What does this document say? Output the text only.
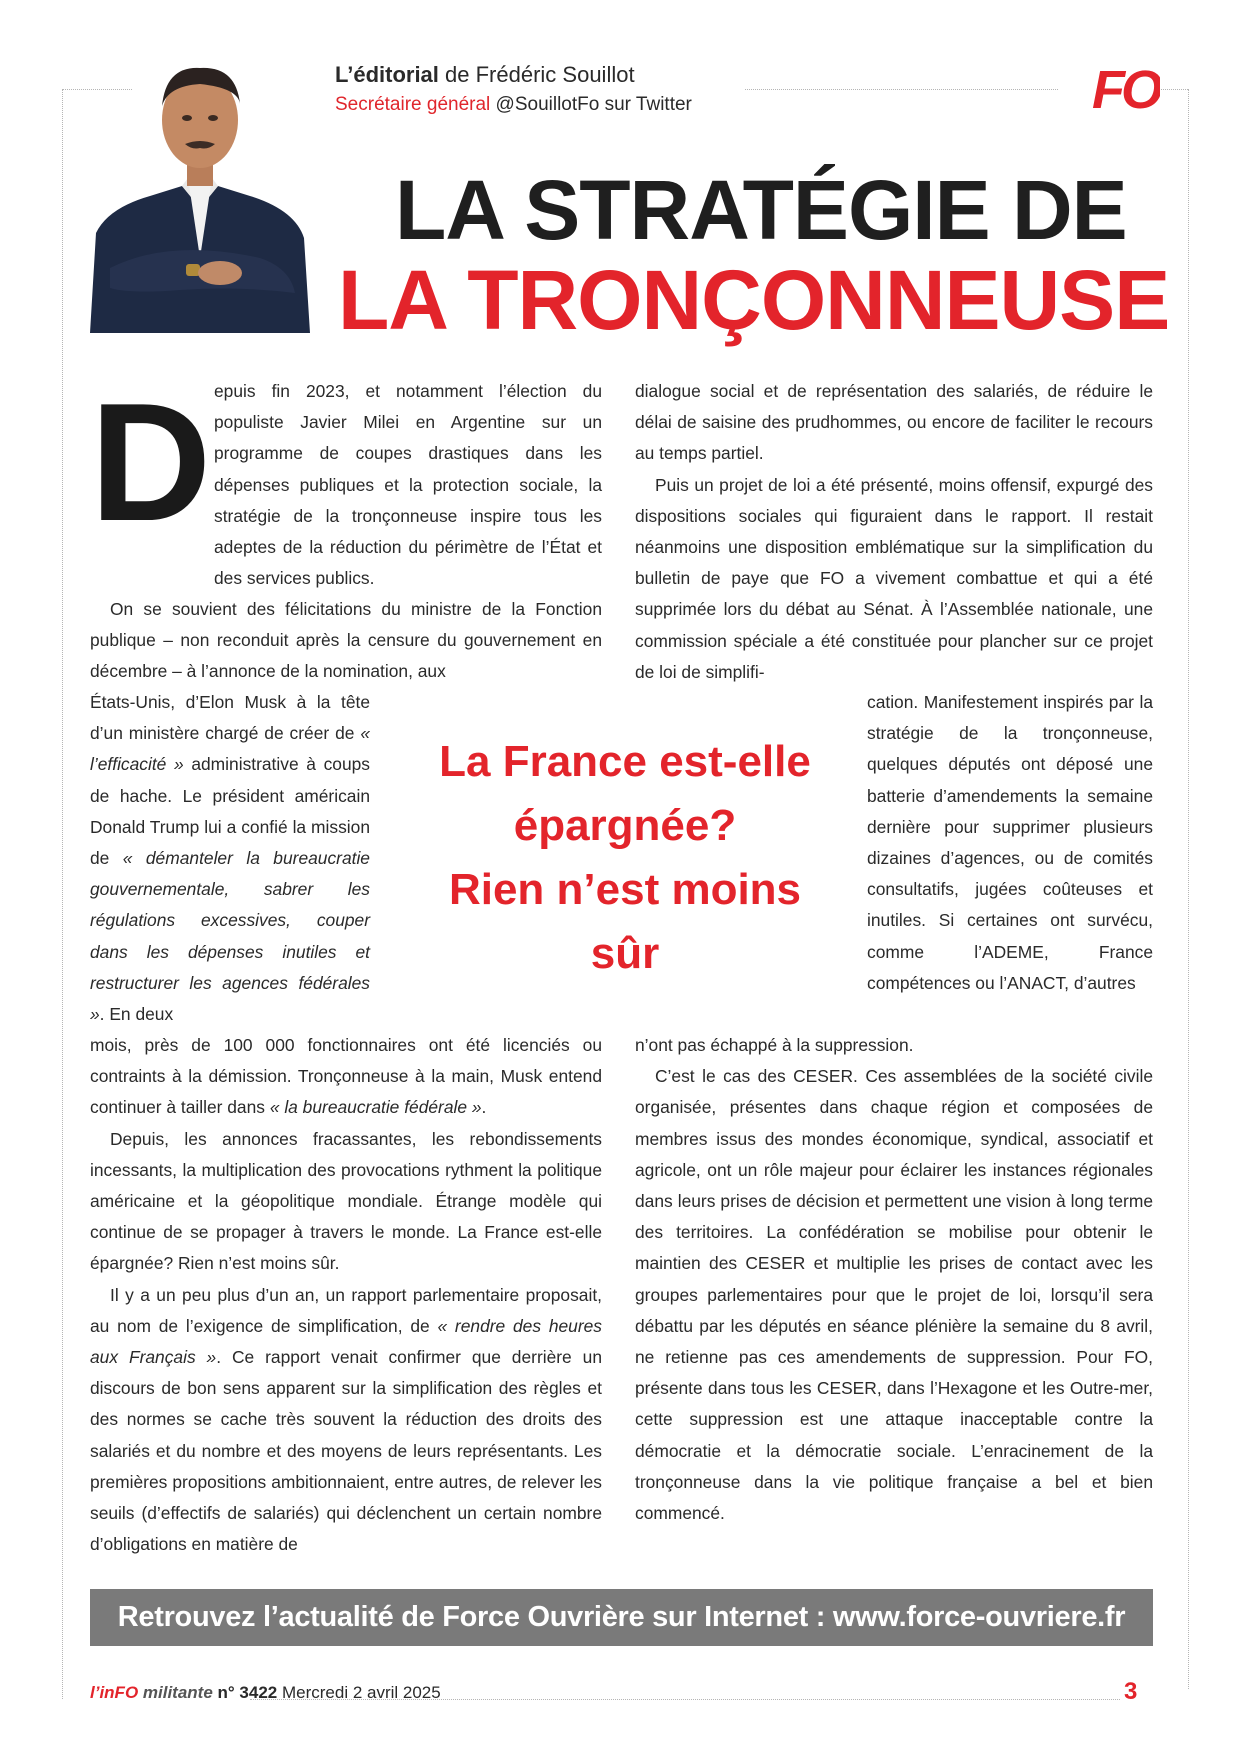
L’éditorial de Frédéric Souillot
Secrétaire général @SouillotFo sur Twitter	FO
LA STRATÉGIE DE
LA TRONÇONNEUSE
D epuis fin 2023, et notamment l’élection du populiste Javier Milei en Argentine sur un programme de coupes drastiques dans les dépenses publiques et la protection sociale, la stratégie de la tronçonneuse inspire tous les adeptes de la réduction du périmètre de l’État et des services publics.

On se souvient des félicitations du ministre de la Fonction publique – non reconduit après la censure du gouvernement en décembre – à l’annonce de la nomination, aux

États-Unis, d’Elon Musk à la tête d’un ministère chargé de créer de « l’efficacité » administrative à coups de hache. Le président américain Donald Trump lui a confié la mission de « démanteler la bureaucratie gouvernementale, sabrer les régulations excessives, couper dans les dépenses inutiles et restructurer les agences fédérales ». En deux

mois, près de 100 000 fonctionnaires ont été licenciés ou contraints à la démission. Tronçonneuse à la main, Musk entend continuer à tailler dans « la bureaucratie fédérale ».

Depuis, les annonces fracassantes, les rebondissements incessants, la multiplication des provocations rythment la politique américaine et la géopolitique mondiale. Étrange modèle qui continue de se propager à travers le monde. La France est-elle épargnée? Rien n’est moins sûr.

Il y a un peu plus d’un an, un rapport parlementaire proposait, au nom de l’exigence de simplification, de « rendre des heures aux Français ». Ce rapport venait confirmer que derrière un discours de bon sens apparent sur la simplification des règles et des normes se cache très souvent la réduction des droits des salariés et du nombre et des moyens de leurs représentants. Les premières propositions ambitionnaient, entre autres, de relever les seuils (d’effectifs de salariés) qui déclenchent un certain nombre d’obligations en matière de

dialogue social et de représentation des salariés, de réduire le délai de saisine des prudhommes, ou encore de faciliter le recours au temps partiel.

Puis un projet de loi a été présenté, moins offensif, expurgé des dispositions sociales qui figuraient dans le rapport. Il restait néanmoins une disposition emblématique sur la simplification du bulletin de paye que FO a vivement combattue et qui a été supprimée lors du débat au Sénat. À l’Assemblée nationale, une commission spéciale a été constituée pour plancher sur ce projet de loi de simplifi-

cation. Manifestement inspirés par la stratégie de la tronçonneuse, quelques députés ont déposé une batterie d’amendements la semaine dernière pour supprimer plusieurs dizaines d’agences, ou de comités consultatifs, jugées coûteuses et inutiles. Si certaines ont survécu, comme l’ADEME, France compétences ou l’ANACT, d’autres

n’ont pas échappé à la suppression.

C’est le cas des CESER. Ces assemblées de la société civile organisée, présentes dans chaque région et composées de membres issus des mondes économique, syndical, associatif et agricole, ont un rôle majeur pour éclairer les instances régionales dans leurs prises de décision et permettent une vision à long terme des territoires. La confédération se mobilise pour obtenir le maintien des CESER et multiplie les prises de contact avec les groupes parlementaires pour que le projet de loi, lorsqu’il sera débattu par les députés en séance plénière la semaine du 8 avril, ne retienne pas ces amendements de suppression. Pour FO, présente dans tous les CESER, dans l’Hexagone et les Outre-mer, cette suppression est une attaque inacceptable contre la démocratie et la démocratie sociale. L’enracinement de la tronçonneuse dans la vie politique française a bel et bien commencé.

La France est-elle
épargnée?
Rien n’est moins
sûr
Retrouvez l’actualité de Force Ouvrière sur Internet : www.force-ouvriere.fr
l’inFO militante n° 3422 Mercredi 2 avril 2025	3
